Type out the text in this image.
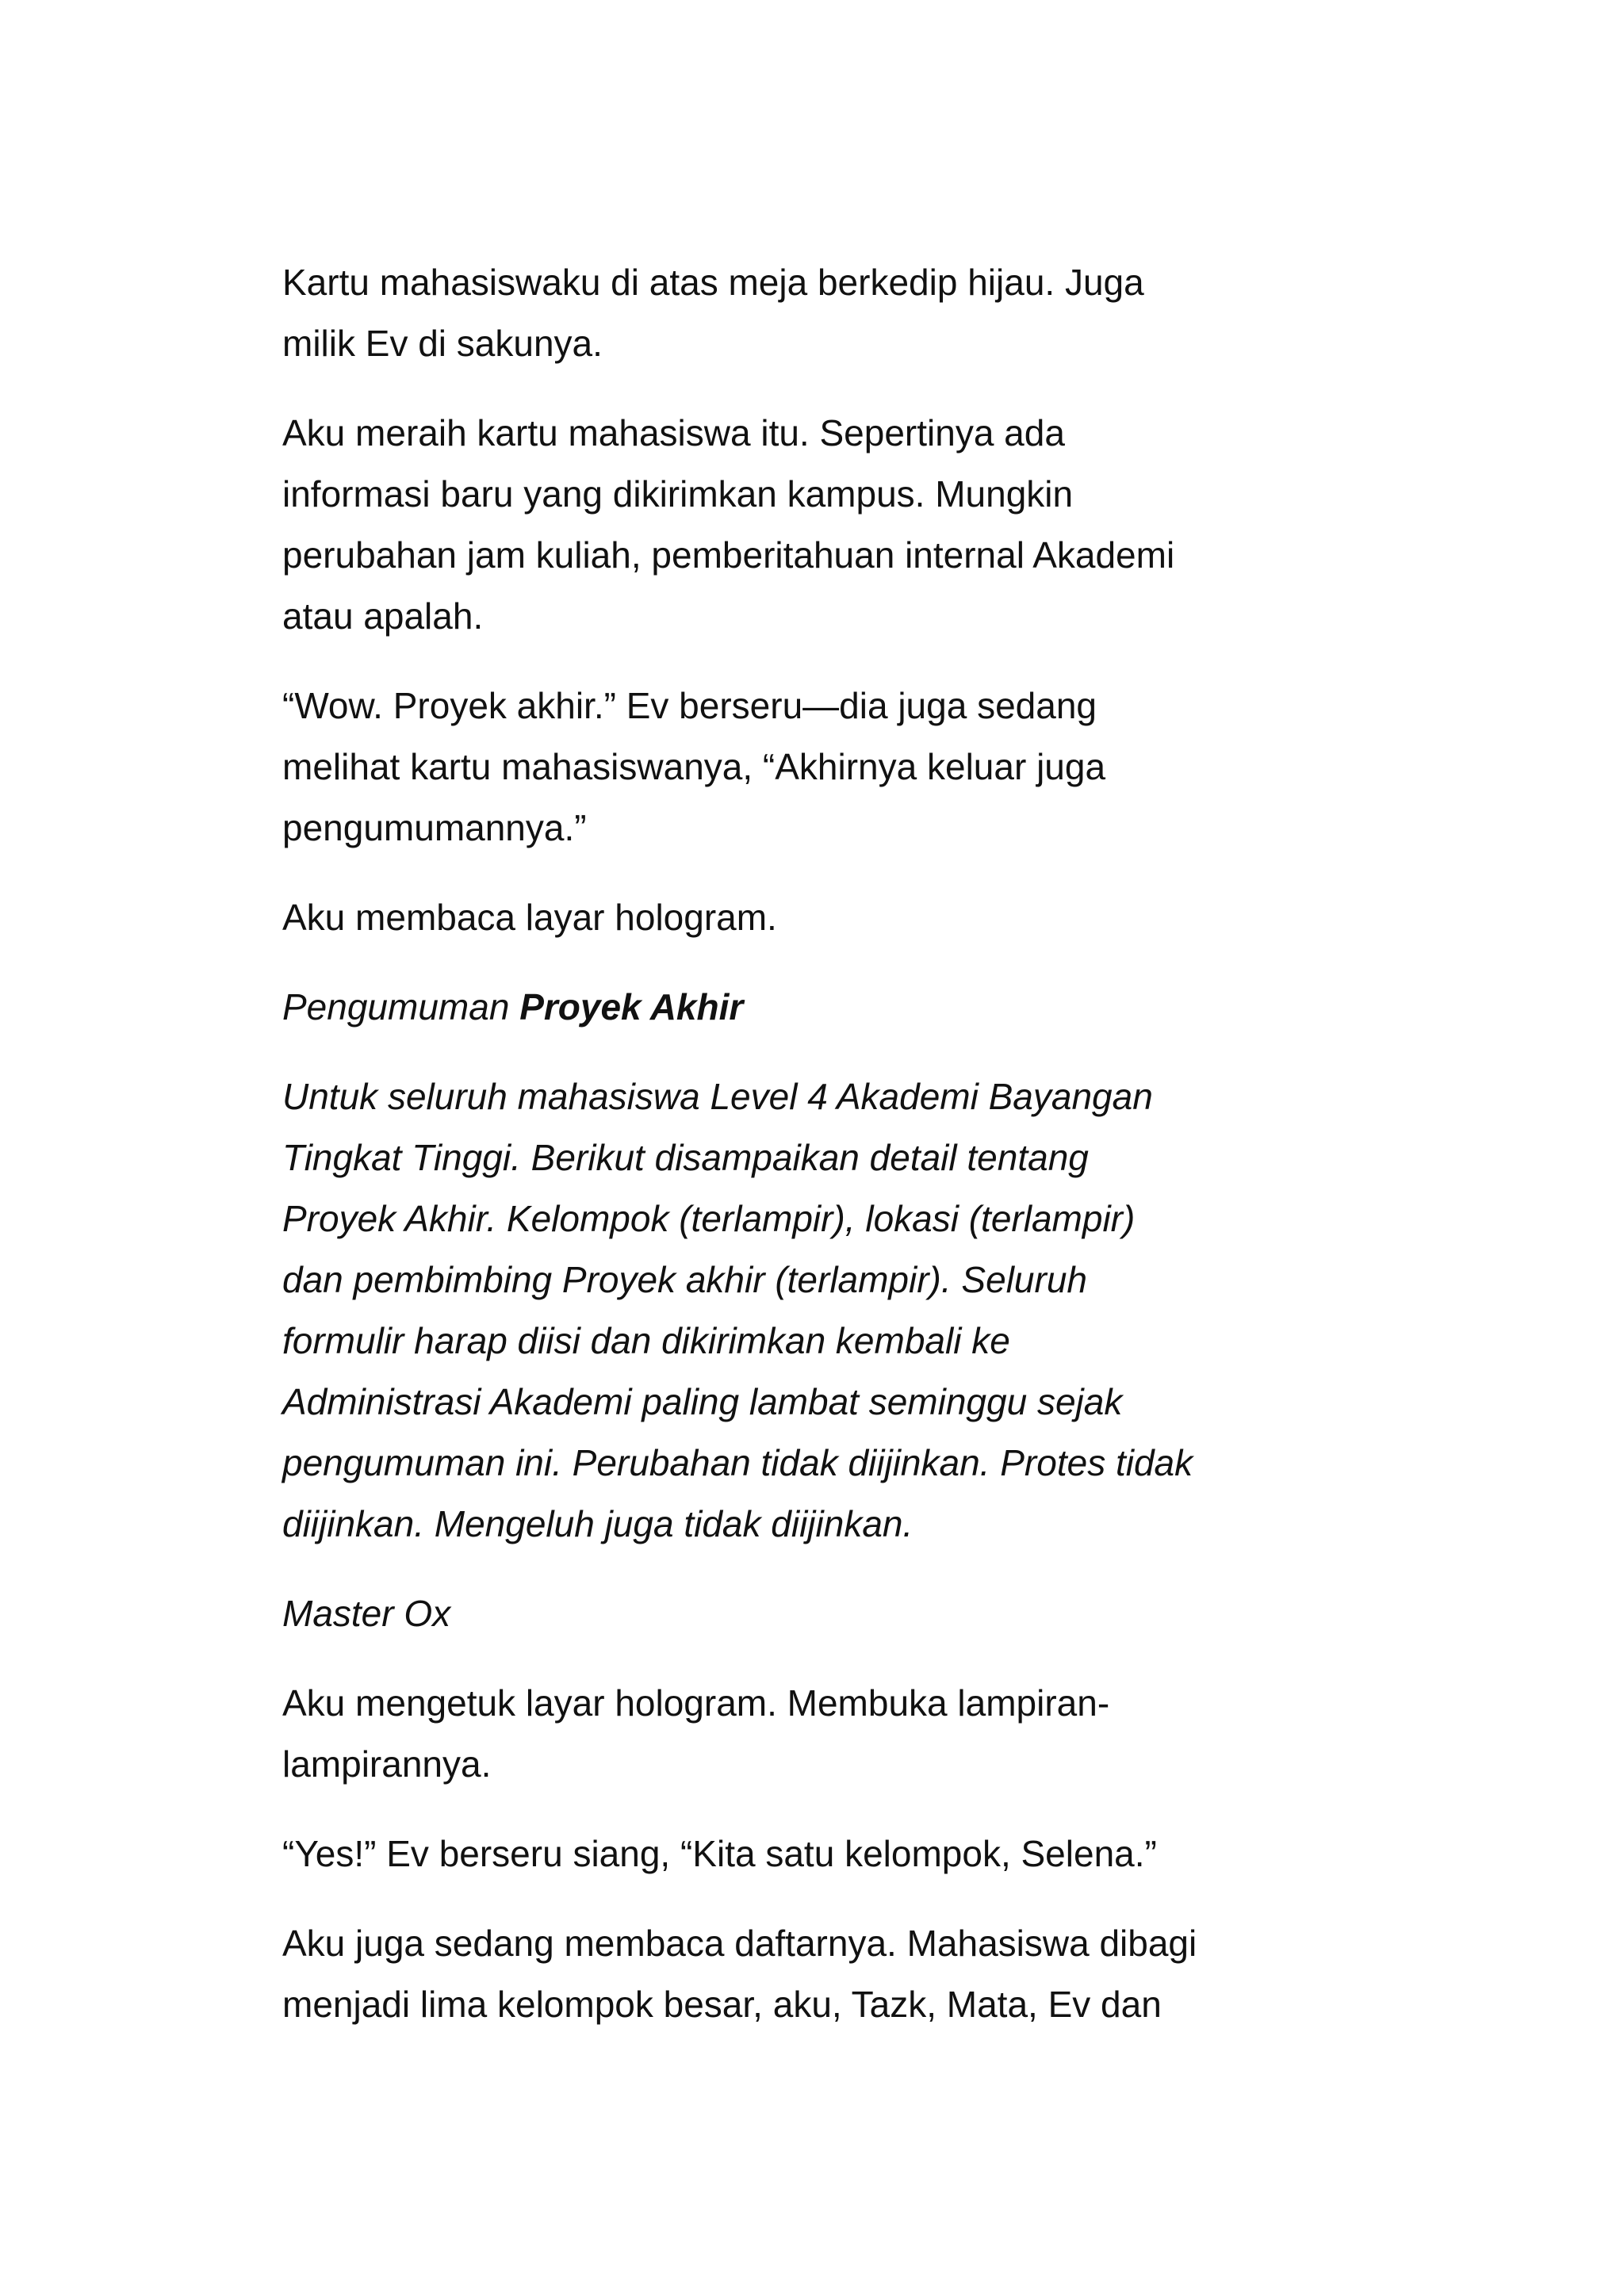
Kartu mahasiswaku di atas meja berkedip hijau. Juga
milik Ev di sakunya.

Aku meraih kartu mahasiswa itu. Sepertinya ada
informasi baru yang dikirimkan kampus. Mungkin
perubahan jam kuliah, pemberitahuan internal Akademi
atau apalah.

“Wow. Proyek akhir.” Ev berseru—dia juga sedang
melihat kartu mahasiswanya, “Akhirnya keluar juga
pengumumannya.”

Aku membaca layar hologram.

Pengumuman Proyek Akhir

Untuk seluruh mahasiswa Level 4 Akademi Bayangan
Tingkat Tinggi. Berikut disampaikan detail tentang
Proyek Akhir. Kelompok (terlampir), lokasi (terlampir)
dan pembimbing Proyek akhir (terlampir). Seluruh
formulir harap diisi dan dikirimkan kembali ke
Administrasi Akademi paling lambat seminggu sejak
pengumuman ini. Perubahan tidak diijinkan. Protes tidak
diijinkan. Mengeluh juga tidak diijinkan.

Master Ox

Aku mengetuk layar hologram. Membuka lampiran-
lampirannya.

“Yes!” Ev berseru siang, “Kita satu kelompok, Selena.”

Aku juga sedang membaca daftarnya. Mahasiswa dibagi
menjadi lima kelompok besar, aku, Tazk, Mata, Ev dan
